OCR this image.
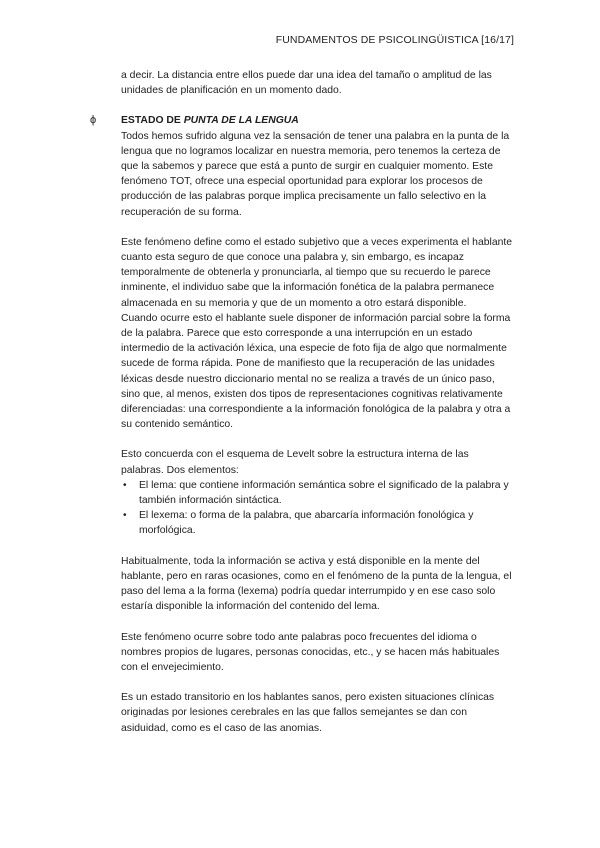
FUNDAMENTOS DE PSICOLINGÜISTICA [16/17]

a decir. La distancia entre ellos puede dar una idea del tamaño o amplitud de las unidades de planificación en un momento dado.

ϕ ESTADO DE PUNTA DE LA LENGUA

Todos hemos sufrido alguna vez la sensación de tener una palabra en la punta de la lengua que no logramos localizar en nuestra memoria, pero tenemos la certeza de que la sabemos y parece que está a punto de surgir en cualquier momento. Este fenómeno TOT, ofrece una especial oportunidad para explorar los procesos de producción de las palabras porque implica precisamente un fallo selectivo en la recuperación de su forma.

Este fenómeno define como el estado subjetivo que a veces experimenta el hablante cuanto esta seguro de que conoce una palabra y, sin embargo, es incapaz temporalmente de obtenerla y pronunciarla, al tiempo que su recuerdo le parece inminente, el individuo sabe que la información fonética de la palabra permanece almacenada en su memoria y que de un momento a otro estará disponible.

Cuando ocurre esto el hablante suele disponer de información parcial sobre la forma de la palabra. Parece que esto corresponde a una interrupción en un estado intermedio de la activación léxica, una especie de foto fija de algo que normalmente sucede de forma rápida. Pone de manifiesto que la recuperación de las unidades léxicas desde nuestro diccionario mental no se realiza a través de un único paso, sino que, al menos, existen dos tipos de representaciones cognitivas relativamente diferenciadas: una correspondiente a la información fonológica de la palabra y otra a su contenido semántico.

Esto concuerda con el esquema de Levelt sobre la estructura interna de las palabras. Dos elementos:

• El lema: que contiene información semántica sobre el significado de la palabra y también información sintáctica.
• El lexema: o forma de la palabra, que abarcaría información fonológica y morfológica.

Habitualmente, toda la información se activa y está disponible en la mente del hablante, pero en raras ocasiones, como en el fenómeno de la punta de la lengua, el paso del lema a la forma (lexema) podría quedar interrumpido y en ese caso solo estaría disponible la información del contenido del lema.

Este fenómeno ocurre sobre todo ante palabras poco frecuentes del idioma o nombres propios de lugares, personas conocidas, etc., y se hacen más habituales con el envejecimiento.

Es un estado transitorio en los hablantes sanos, pero existen situaciones clínicas originadas por lesiones cerebrales en las que fallos semejantes se dan con asiduidad, como es el caso de las anomias.
